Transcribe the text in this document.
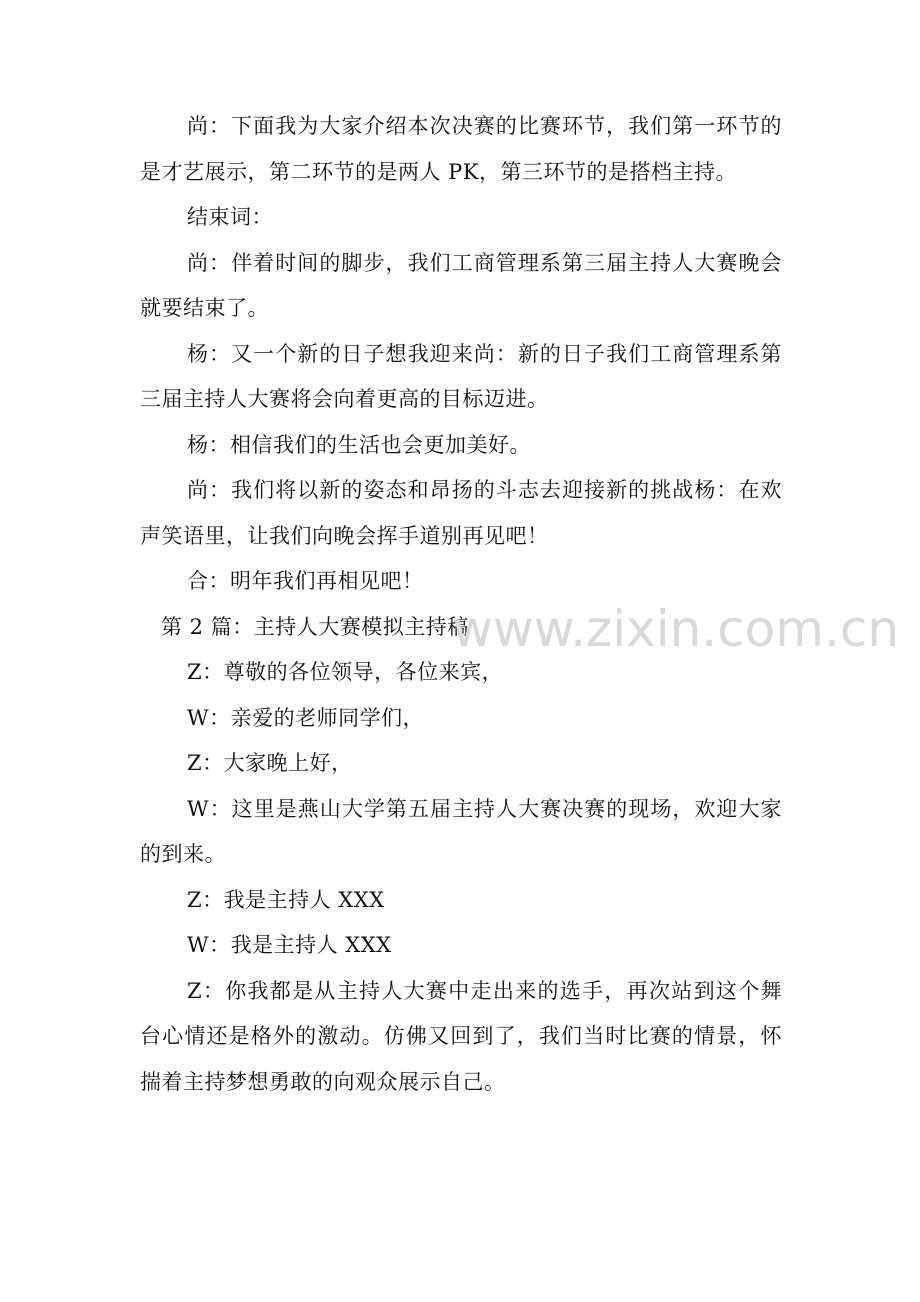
尚：下面我为大家介绍本次决赛的比赛环节，我们第一环节的是才艺展示，第二环节的是两人 PK，第三环节的是搭档主持。

结束词：

尚：伴着时间的脚步，我们工商管理系第三届主持人大赛晚会就要结束了。

杨：又一个新的日子想我迎来尚：新的日子我们工商管理系第三届主持人大赛将会向着更高的目标迈进。

杨：相信我们的生活也会更加美好。

尚：我们将以新的姿态和昂扬的斗志去迎接新的挑战杨：在欢声笑语里，让我们向晚会挥手道别再见吧！

合：明年我们再相见吧！

第 2 篇：主持人大赛模拟主持稿

Z：尊敬的各位领导，各位来宾，

W：亲爱的老师同学们，

Z：大家晚上好，

W：这里是燕山大学第五届主持人大赛决赛的现场，欢迎大家的到来。

Z：我是主持人 XXX

W：我是主持人 XXX

Z：你我都是从主持人大赛中走出来的选手，再次站到这个舞台心情还是格外的激动。仿佛又回到了，我们当时比赛的情景，怀揣着主持梦想勇敢的向观众展示自己。

www.zixin.com.cn
